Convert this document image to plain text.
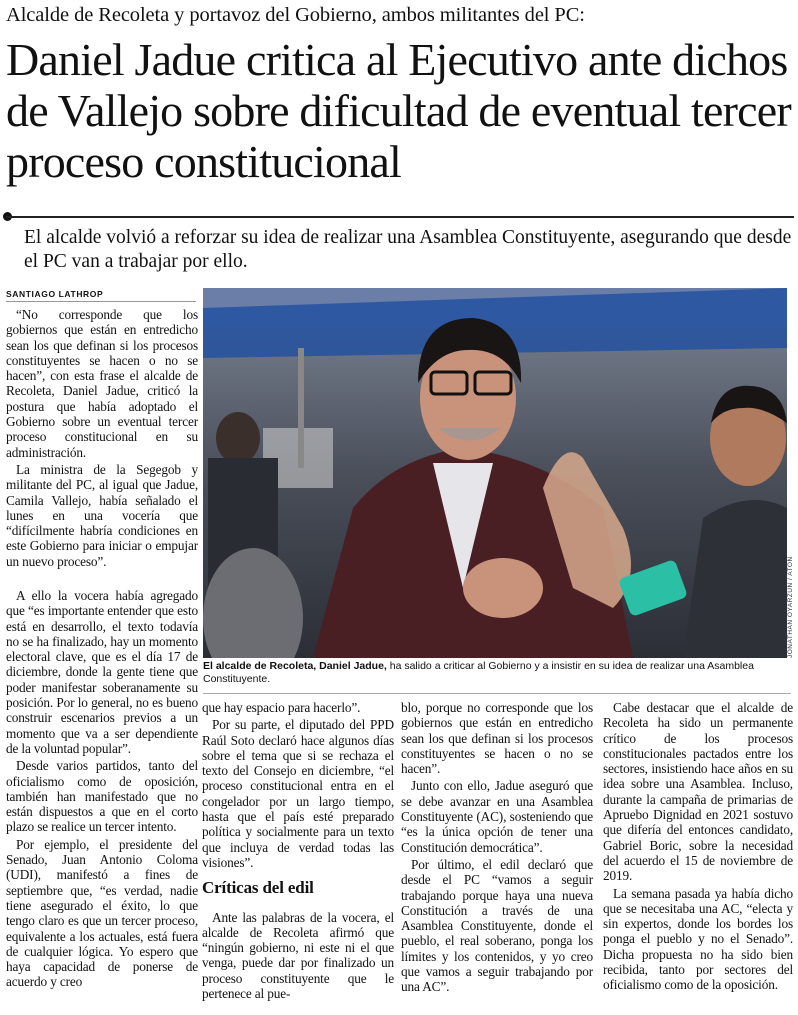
Alcalde de Recoleta y portavoz del Gobierno, ambos militantes del PC:
Daniel Jadue critica al Ejecutivo ante dichos de Vallejo sobre dificultad de eventual tercer proceso constitucional
El alcalde volvió a reforzar su idea de realizar una Asamblea Constituyente, asegurando que desde el PC van a trabajar por ello.
SANTIAGO LATHROP

“No corresponde que los gobiernos que están en entredicho sean los que definan si los procesos constituyentes se hacen o no se hacen”, con esta frase el alcalde de Recoleta, Daniel Jadue, criticó la postura que había adoptado el Gobierno sobre un eventual tercer proceso constitucional en su administración.

La ministra de la Segegob y militante del PC, al igual que Jadue, Camila Vallejo, había señalado el lunes en una vocería que “difícilmente habría condiciones en este Gobierno para iniciar o empujar un nuevo proceso”.

A ello la vocera había agregado que “es importante entender que esto está en desarrollo, el texto todavía no se ha finalizado, hay un momento electoral clave, que es el día 17 de diciembre, donde la gente tiene que poder manifestar soberanamente su posición. Por lo general, no es bueno construir escenarios previos a un momento que va a ser dependiente de la voluntad popular”.

Desde varios partidos, tanto del oficialismo como de oposición, también han manifestado que no están dispuestos a que en el corto plazo se realice un tercer intento.

Por ejemplo, el presidente del Senado, Juan Antonio Coloma (UDI), manifestó a fines de septiembre que, “es verdad, nadie tiene asegurado el éxito, lo que tengo claro es que un tercer proceso, equivalente a los actuales, está fuera de cualquier lógica. Yo espero que haya capacidad de ponerse de acuerdo y creo

JONATHAN OYARZUN / ATON
El alcalde de Recoleta, Daniel Jadue, ha salido a criticar al Gobierno y a insistir en su idea de realizar una Asamblea Constituyente.

que hay espacio para hacerlo”.

Por su parte, el diputado del PPD Raúl Soto declaró hace algunos días sobre el tema que si se rechaza el texto del Consejo en diciembre, “el proceso constitucional entra en el congelador por un largo tiempo, hasta que el país esté preparado política y socialmente para un texto que incluya de verdad todas las visiones”.

Críticas del edil

Ante las palabras de la vocera, el alcalde de Recoleta afirmó que “ningún gobierno, ni este ni el que venga, puede dar por finalizado un proceso constituyente que le pertenece al pue-

blo, porque no corresponde que los gobiernos que están en entredicho sean los que definan si los procesos constituyentes se hacen o no se hacen”.

Junto con ello, Jadue aseguró que se debe avanzar en una Asamblea Constituyente (AC), sosteniendo que “es la única opción de tener una Constitución democrática”.

Por último, el edil declaró que desde el PC “vamos a seguir trabajando porque haya una nueva Constitución a través de una Asamblea Constituyente, donde el pueblo, el real soberano, ponga los límites y los contenidos, y yo creo que vamos a seguir trabajando por una AC”.

Cabe destacar que el alcalde de Recoleta ha sido un permanente crítico de los procesos constitucionales pactados entre los sectores, insistiendo hace años en su idea sobre una Asamblea. Incluso, durante la campaña de primarias de Apruebo Dignidad en 2021 sostuvo que difería del entonces candidato, Gabriel Boric, sobre la necesidad del acuerdo el 15 de noviembre de 2019.

La semana pasada ya había dicho que se necesitaba una AC, “electa y sin expertos, donde los bordes los ponga el pueblo y no el Senado”. Dicha propuesta no ha sido bien recibida, tanto por sectores del oficialismo como de la oposición.
